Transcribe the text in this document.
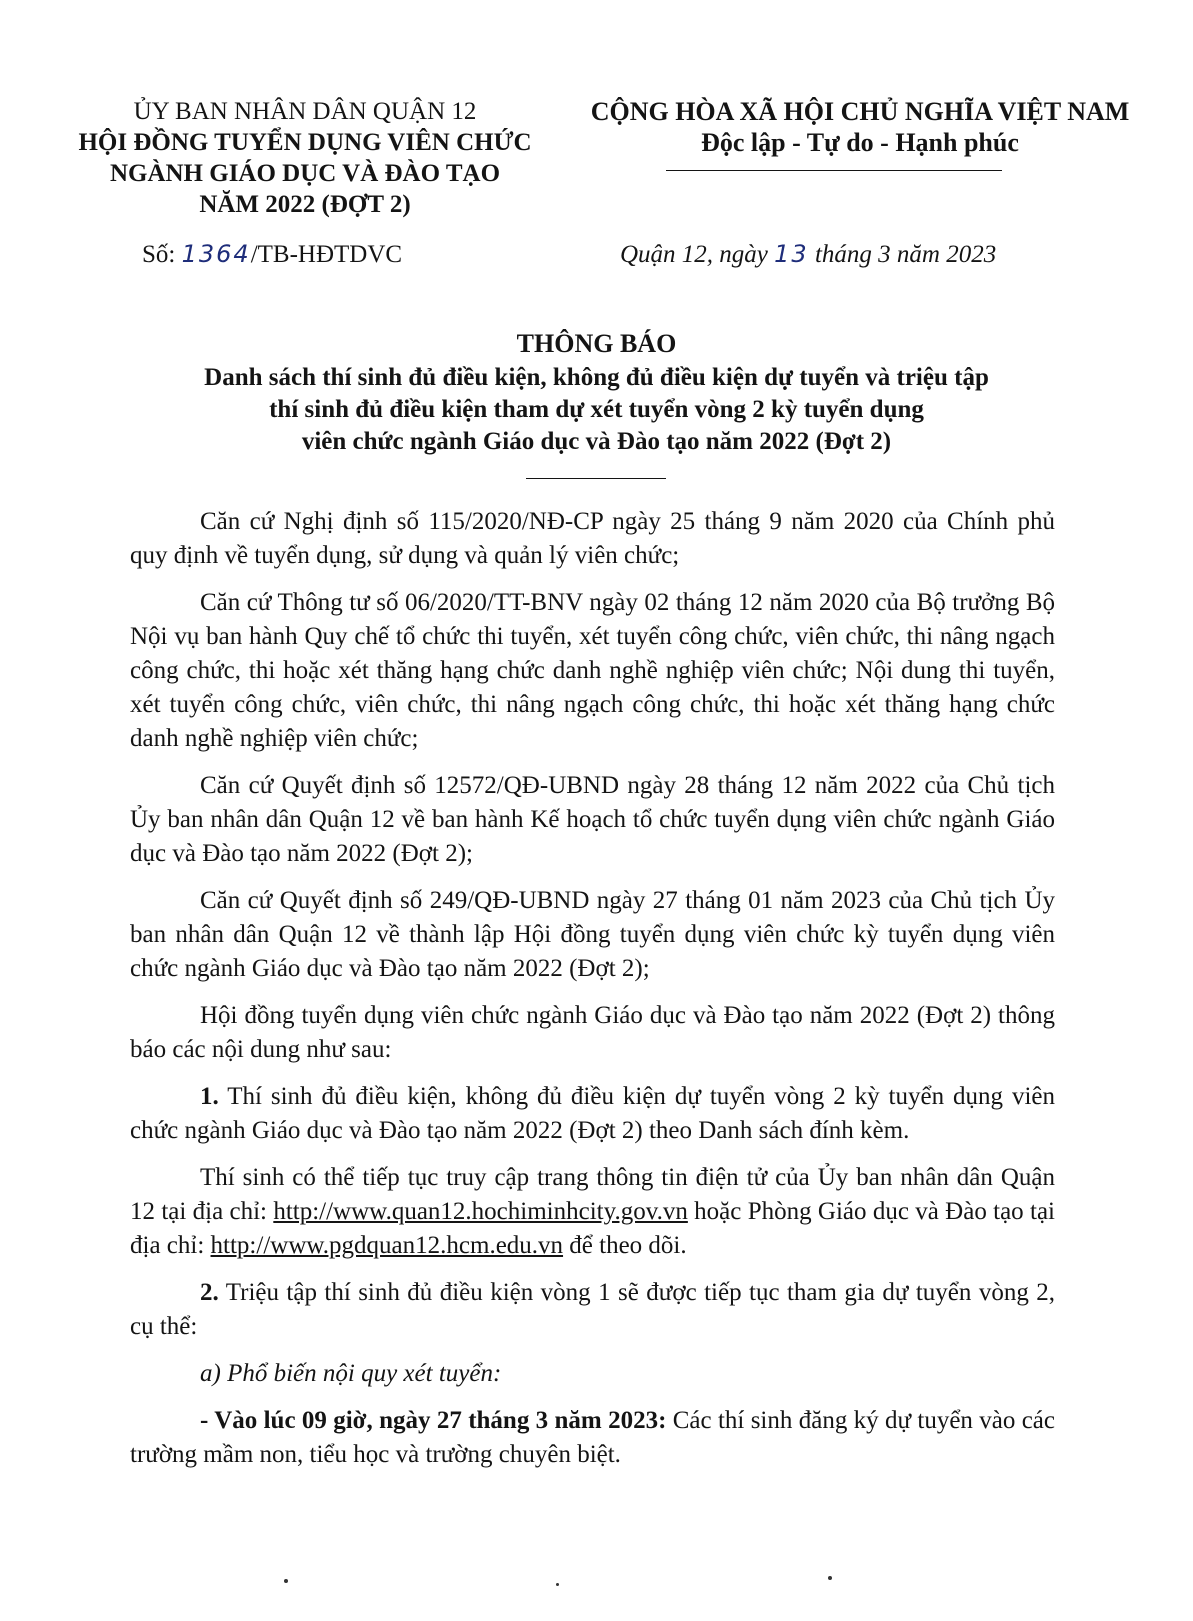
ỦY BAN NHÂN DÂN QUẬN 12
HỘI ĐỒNG TUYỂN DỤNG VIÊN CHỨC
NGÀNH GIÁO DỤC VÀ ĐÀO TẠO
NĂM 2022 (ĐỢT 2)
CỘNG HÒA XÃ HỘI CHỦ NGHĨA VIỆT NAM
Độc lập - Tự do - Hạnh phúc
Số: 1364/TB-HĐTDVC	Quận 12, ngày 13 tháng 3 năm 2023
THÔNG BÁO
Danh sách thí sinh đủ điều kiện, không đủ điều kiện dự tuyển và triệu tập
thí sinh đủ điều kiện tham dự xét tuyển vòng 2 kỳ tuyển dụng
viên chức ngành Giáo dục và Đào tạo năm 2022 (Đợt 2)

Căn cứ Nghị định số 115/2020/NĐ-CP ngày 25 tháng 9 năm 2020 của Chính phủ quy định về tuyển dụng, sử dụng và quản lý viên chức;

Căn cứ Thông tư số 06/2020/TT-BNV ngày 02 tháng 12 năm 2020 của Bộ trưởng Bộ Nội vụ ban hành Quy chế tổ chức thi tuyển, xét tuyển công chức, viên chức, thi nâng ngạch công chức, thi hoặc xét thăng hạng chức danh nghề nghiệp viên chức; Nội dung thi tuyển, xét tuyển công chức, viên chức, thi nâng ngạch công chức, thi hoặc xét thăng hạng chức danh nghề nghiệp viên chức;

Căn cứ Quyết định số 12572/QĐ-UBND ngày 28 tháng 12 năm 2022 của Chủ tịch Ủy ban nhân dân Quận 12 về ban hành Kế hoạch tổ chức tuyển dụng viên chức ngành Giáo dục và Đào tạo năm 2022 (Đợt 2);

Căn cứ Quyết định số 249/QĐ-UBND ngày 27 tháng 01 năm 2023 của Chủ tịch Ủy ban nhân dân Quận 12 về thành lập Hội đồng tuyển dụng viên chức kỳ tuyển dụng viên chức ngành Giáo dục và Đào tạo năm 2022 (Đợt 2);

Hội đồng tuyển dụng viên chức ngành Giáo dục và Đào tạo năm 2022 (Đợt 2) thông báo các nội dung như sau:

1. Thí sinh đủ điều kiện, không đủ điều kiện dự tuyển vòng 2 kỳ tuyển dụng viên chức ngành Giáo dục và Đào tạo năm 2022 (Đợt 2) theo Danh sách đính kèm.

Thí sinh có thể tiếp tục truy cập trang thông tin điện tử của Ủy ban nhân dân Quận 12 tại địa chỉ: http://www.quan12.hochiminhcity.gov.vn hoặc Phòng Giáo dục và Đào tạo tại địa chỉ: http://www.pgdquan12.hcm.edu.vn để theo dõi.

2. Triệu tập thí sinh đủ điều kiện vòng 1 sẽ được tiếp tục tham gia dự tuyển vòng 2, cụ thể:

a) Phổ biến nội quy xét tuyển:

- Vào lúc 09 giờ, ngày 27 tháng 3 năm 2023: Các thí sinh đăng ký dự tuyển vào các trường mầm non, tiểu học và trường chuyên biệt.
